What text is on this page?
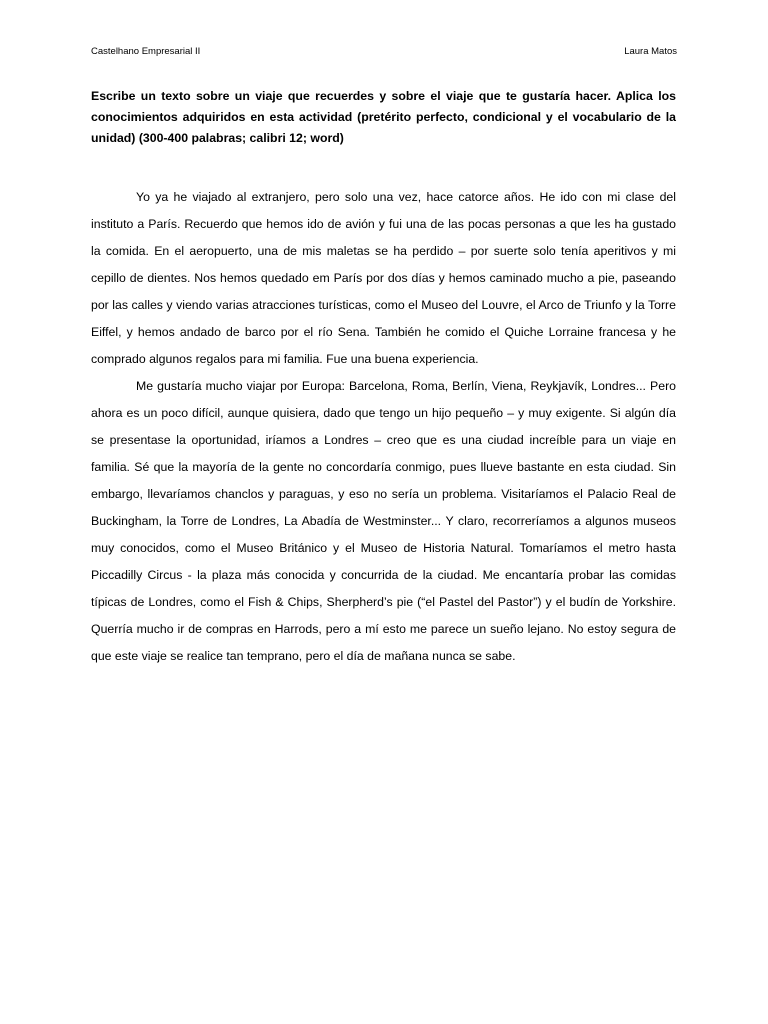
Castelhano Empresarial II	Laura Matos

Escribe un texto sobre un viaje que recuerdes y sobre el viaje que te gustaría hacer. Aplica los conocimientos adquiridos en esta actividad (pretérito perfecto, condicional y el vocabulario de la unidad) (300-400 palabras; calibri 12; word)

Yo ya he viajado al extranjero, pero solo una vez, hace catorce años. He ido con mi clase del instituto a París. Recuerdo que hemos ido de avión y fui una de las pocas personas a que les ha gustado la comida. En el aeropuerto, una de mis maletas se ha perdido – por suerte solo tenía aperitivos y mi cepillo de dientes. Nos hemos quedado em París por dos días y hemos caminado mucho a pie, paseando por las calles y viendo varias atracciones turísticas, como el Museo del Louvre, el Arco de Triunfo y la Torre Eiffel, y hemos andado de barco por el río Sena. También he comido el Quiche Lorraine francesa y he comprado algunos regalos para mi familia. Fue una buena experiencia.

Me gustaría mucho viajar por Europa: Barcelona, Roma, Berlín, Viena, Reykjavík, Londres... Pero ahora es un poco difícil, aunque quisiera, dado que tengo un hijo pequeño – y muy exigente. Si algún día se presentase la oportunidad, iríamos a Londres – creo que es una ciudad increíble para un viaje en familia. Sé que la mayoría de la gente no concordaría conmigo, pues llueve bastante en esta ciudad. Sin embargo, llevaríamos chanclos y paraguas, y eso no sería un problema. Visitaríamos el Palacio Real de Buckingham, la Torre de Londres, La Abadía de Westminster... Y claro, recorreríamos a algunos museos muy conocidos, como el Museo Británico y el Museo de Historia Natural. Tomaríamos el metro hasta Piccadilly Circus - la plaza más conocida y concurrida de la ciudad. Me encantaría probar las comidas típicas de Londres, como el Fish & Chips, Sherpherd’s pie (“el Pastel del Pastor”) y el budín de Yorkshire. Querría mucho ir de compras en Harrods, pero a mí esto me parece un sueño lejano. No estoy segura de que este viaje se realice tan temprano, pero el día de mañana nunca se sabe.
